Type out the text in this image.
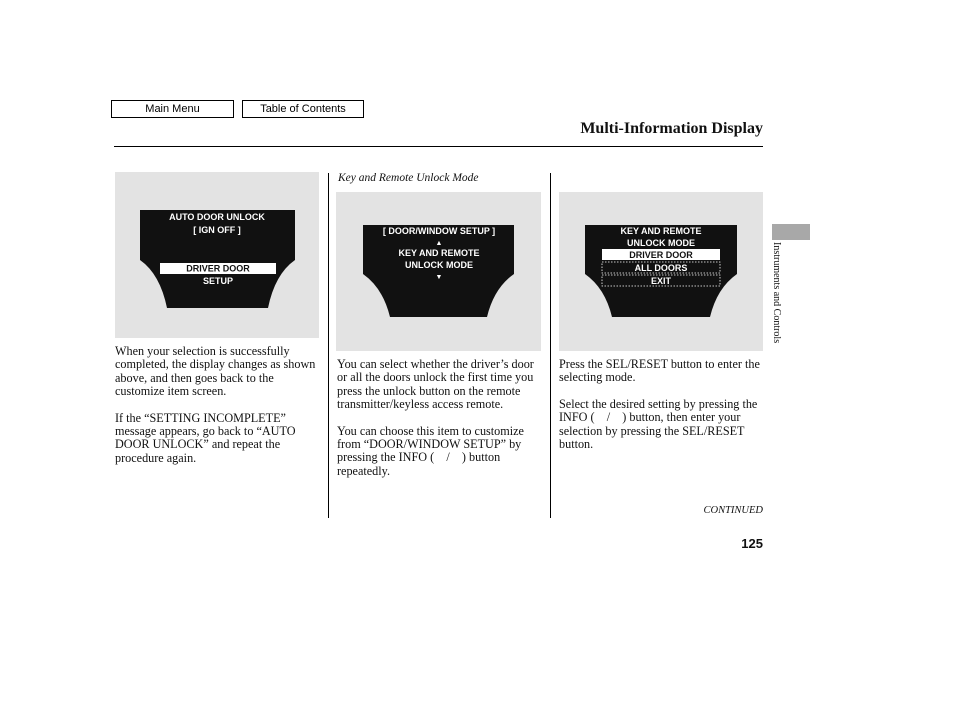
Main Menu	Table of Contents
Multi-Information Display
AUTO DOOR UNLOCK
[ IGN OFF ]
DRIVER DOOR
SETUP
Key and Remote Unlock Mode
[ DOOR/WINDOW SETUP ]
▲
KEY AND REMOTE
UNLOCK MODE
▼
KEY AND REMOTE
UNLOCK MODE
DRIVER DOOR
ALL DOORS
EXIT

When your selection is successfully completed, the display changes as shown above, and then goes back to the customize item screen.

If the “SETTING INCOMPLETE” message appears, go back to “AUTO DOOR UNLOCK” and repeat the procedure again.

You can select whether the driver’s door or all the doors unlock the first time you press the unlock button on the remote transmitter/keyless access remote.

You can choose this item to customize from “DOOR/WINDOW SETUP” by pressing the INFO ( / ) button repeatedly.

Press the SEL/RESET button to enter the selecting mode.

Select the desired setting by pressing the INFO ( / ) button, then enter your selection by pressing the SEL/RESET button.

Instruments and Controls
CONTINUED
125
